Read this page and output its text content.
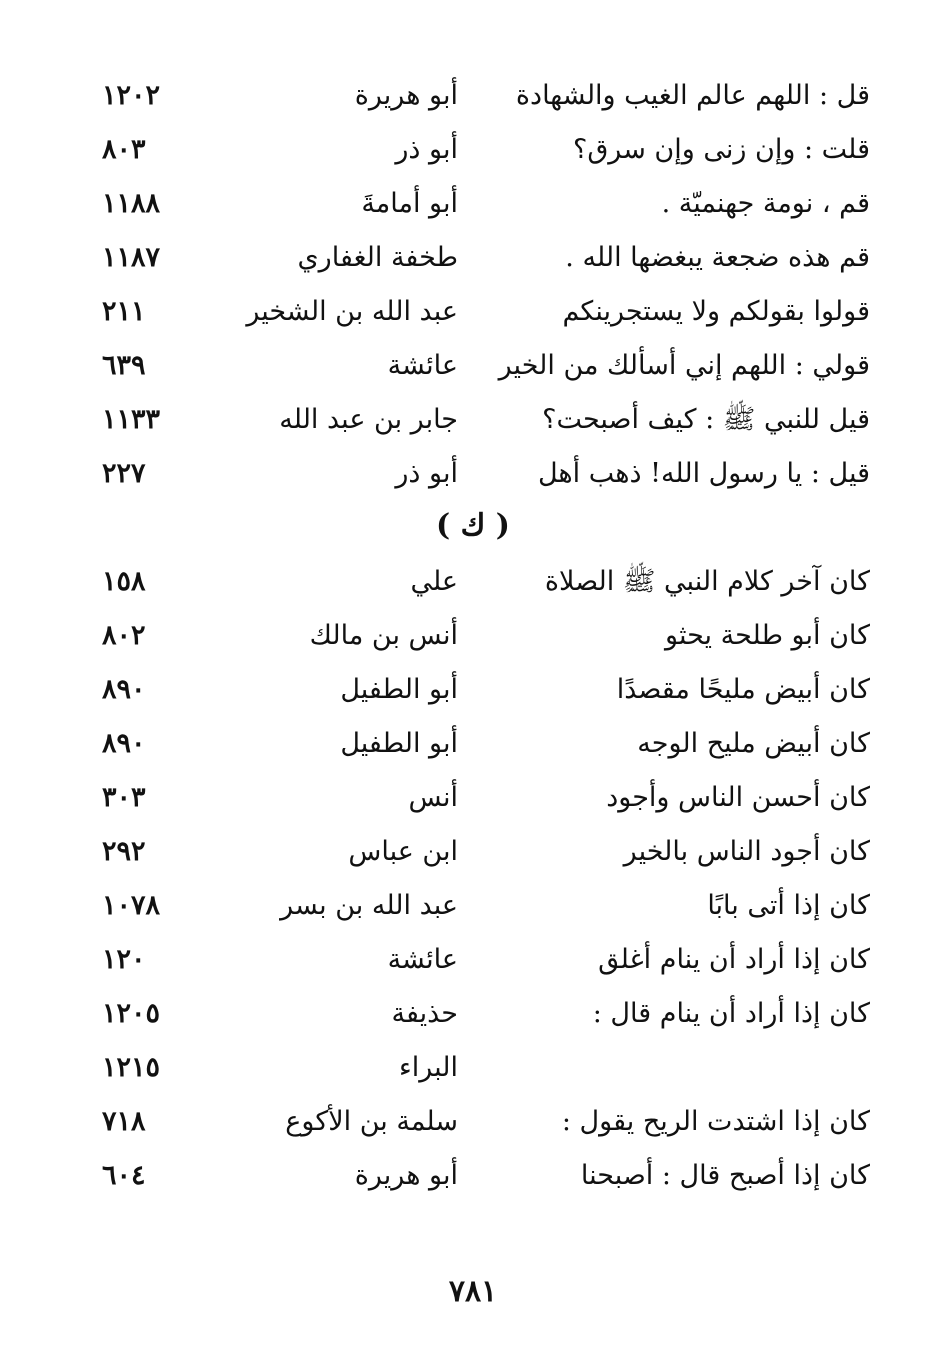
قل : اللهم عالم الغيب والشهادة
أبو هريرة
١٢٠٢
قلت : وإن زنى وإن سرق؟
أبو ذر
٨٠٣
قم ، نومة جهنميّة .
أبو أمامةَ
١١٨٨
قم هذه ضجعة يبغضها الله .
طخفة الغفاري
١١٨٧
قولوا بقولكم ولا يستجرينكم
عبد الله بن الشخير
٢١١
قولي : اللهم إني أسألك من الخير
عائشة
٦٣٩
قيل للنبي ﷺ : كيف أصبحت؟
جابر بن عبد الله
١١٣٣
قيل : يا رسول الله! ذهب أهل
أبو ذر
٢٢٧
( ك )
كان آخر كلام النبي ﷺ الصلاة
علي
١٥٨
كان أبو طلحة يحثو
أنس بن مالك
٨٠٢
كان أبيض مليحًا مقصدًا
أبو الطفيل
٨٩٠
كان أبيض مليح الوجه
أبو الطفيل
٨٩٠
كان أحسن الناس وأجود
أنس
٣٠٣
كان أجود الناس بالخير
ابن عباس
٢٩٢
كان إذا أتى بابًا
عبد الله بن بسر
١٠٧٨
كان إذا أراد أن ينام أغلق
عائشة
١٢٠
كان إذا أراد أن ينام قال :
حذيفة
١٢٠٥
البراء
١٢١٥
كان إذا اشتدت الريح يقول :
سلمة بن الأكوع
٧١٨
كان إذا أصبح قال : أصبحنا
أبو هريرة
٦٠٤
٧٨١
